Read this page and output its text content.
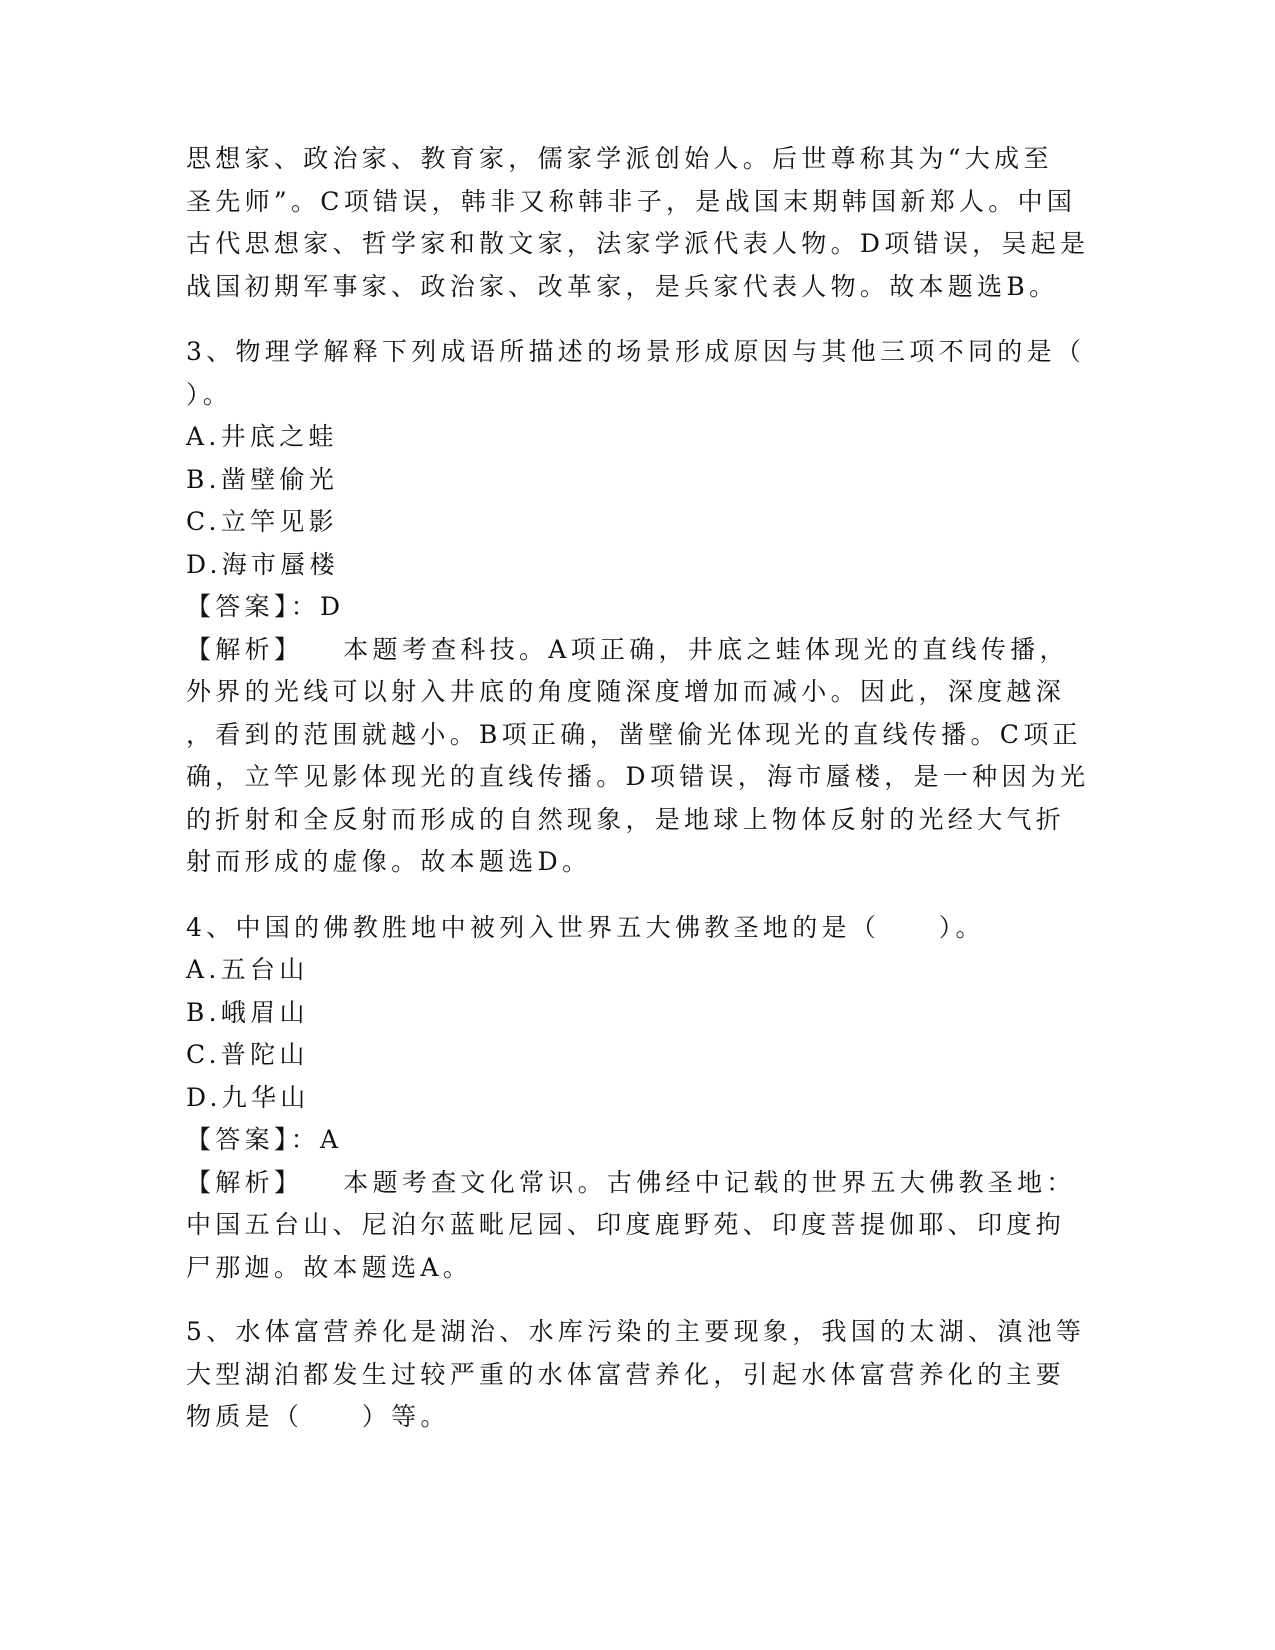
思想家、政治家、教育家，儒家学派创始人。后世尊称其为“大成至
圣先师”。C项错误，韩非又称韩非子，是战国末期韩国新郑人。中国
古代思想家、哲学家和散文家，法家学派代表人物。D项错误，吴起是
战国初期军事家、政治家、改革家，是兵家代表人物。故本题选B。
3、物理学解释下列成语所描述的场景形成原因与其他三项不同的是（
）。
A.井底之蛙
B.凿壁偷光
C.立竿见影
D.海市蜃楼
【答案】：D
【解析】 本题考查科技。A项正确，井底之蛙体现光的直线传播，
外界的光线可以射入井底的角度随深度增加而减小。因此，深度越深
，看到的范围就越小。B项正确，凿壁偷光体现光的直线传播。C项正
确，立竿见影体现光的直线传播。D项错误，海市蜃楼，是一种因为光
的折射和全反射而形成的自然现象，是地球上物体反射的光经大气折
射而形成的虚像。故本题选D。
4、中国的佛教胜地中被列入世界五大佛教圣地的是（　　）。
A.五台山
B.峨眉山
C.普陀山
D.九华山
【答案】：A
【解析】 本题考查文化常识。古佛经中记载的世界五大佛教圣地：
中国五台山、尼泊尔蓝毗尼园、印度鹿野苑、印度菩提伽耶、印度拘
尸那迦。故本题选A。
5、水体富营养化是湖治、水库污染的主要现象，我国的太湖、滇池等
大型湖泊都发生过较严重的水体富营养化，引起水体富营养化的主要
物质是（　　）等。
